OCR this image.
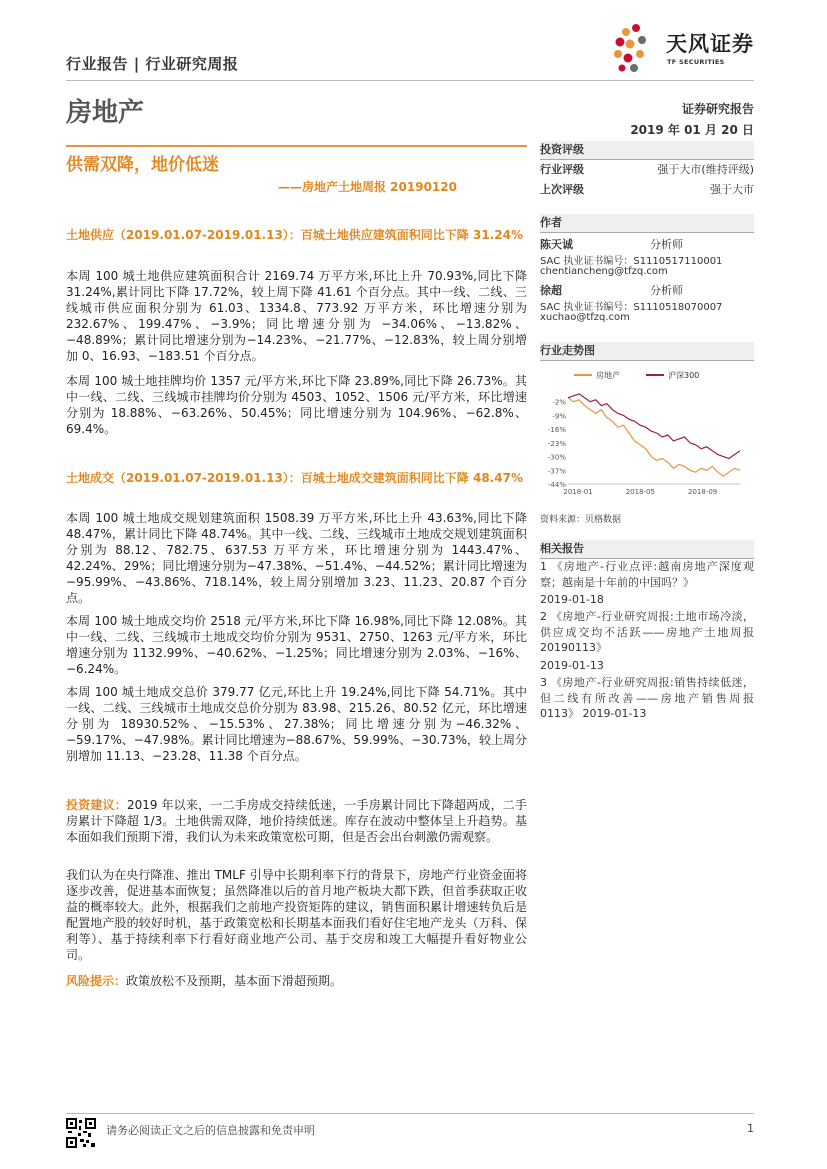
行业报告 | 行业研究周报
天风证券
TF SECURITIES
房地产	证券研究报告
2019 年 01 月 20 日
供需双降，地价低迷
——房地产土地周报 20190120
土地供应（2019.01.07-2019.01.13）：百城土地供应建筑面积同比下降 31.24%
本周 100 城土地供应建筑面积合计 2169.74 万平方米,环比上升 70.93%,同比下降 31.24%,累计同比下降 17.72%，较上周下降 41.61 个百分点。其中一线、二线、三线城市供应面积分别为 61.03、1334.8、773.92 万平方米，环比增速分别为 232.67%、199.47%、−3.9%；同比增速分别为 −34.06%、−13.82%、−48.89%；累计同比增速分别为−14.23%、−21.77%、−12.83%，较上周分别增加 0、16.93、−183.51 个百分点。
本周 100 城土地挂牌均价 1357 元/平方米,环比下降 23.89%,同比下降 26.73%。其中一线、二线、三线城市挂牌均价分别为 4503、1052、1506 元/平方米，环比增速分别为 18.88%、−63.26%、50.45%；同比增速分别为 104.96%、−62.8%、69.4%。
土地成交（2019.01.07-2019.01.13）：百城土地成交建筑面积同比下降 48.47%
本周 100 城土地成交规划建筑面积 1508.39 万平方米,环比上升 43.63%,同比下降 48.47%，累计同比下降 48.74%。其中一线、二线、三线城市土地成交规划建筑面积分别为 88.12、782.75、637.53 万平方米，环比增速分别为 1443.47%、42.24%、29%；同比增速分别为−47.38%、−51.4%、−44.52%；累计同比增速为−95.99%、−43.86%、718.14%，较上周分别增加 3.23、11.23、20.87 个百分点。
本周 100 城土地成交均价 2518 元/平方米,环比下降 16.98%,同比下降 12.08%。其中一线、二线、三线城市土地成交均价分别为 9531、2750、1263 元/平方米，环比增速分别为 1132.99%、−40.62%、−1.25%；同比增速分别为 2.03%、−16%、−6.24%。
本周 100 城土地成交总价 379.77 亿元,环比上升 19.24%,同比下降 54.71%。其中一线、二线、三线城市土地成交总价分别为 83.98、215.26、80.52 亿元，环比增速分别为 18930.52%、−15.53%、27.38%；同比增速分别为−46.32%、−59.17%、−47.98%。累计同比增速为−88.67%、59.99%、−30.73%，较上周分别增加 11.13、−23.28、11.38 个百分点。
投资建议：2019 年以来，一二手房成交持续低迷，一手房累计同比下降超两成，二手房累计下降超 1/3。土地供需双降，地价持续低迷。库存在波动中整体呈上升趋势。基本面如我们预期下滑，我们认为未来政策宽松可期，但是否会出台刺激仍需观察。
我们认为在央行降准、推出 TMLF 引导中长期利率下行的背景下，房地产行业资金面将逐步改善，促进基本面恢复；虽然降准以后的首月地产板块大都下跌，但首季获取正收益的概率较大。此外，根据我们之前地产投资矩阵的建议，销售面积累计增速转负后是配置地产股的较好时机，基于政策宽松和长期基本面我们看好住宅地产龙头（万科、保利等）、基于持续利率下行看好商业地产公司、基于交房和竣工大幅提升看好物业公司。
风险提示：政策放松不及预期，基本面下滑超预期。
投资评级
行业评级	强于大市(维持评级)
上次评级	强于大市
作者
陈天诚	分析师
SAC 执业证书编号：S1110517110001
chentiancheng@tfzq.com
徐超	分析师
SAC 执业证书编号：S1110518070007
xuchao@tfzq.com
行业走势图
房地产	沪深300
-2%
-9%
-16%
-23%
-30%
-37%
-44%
2018-01	2018-05	2018-09
资料来源：贝格数据
相关报告
1 《房地产-行业点评:越南房地产深度观察；越南是十年前的中国吗？》
2019-01-18
2 《房地产-行业研究周报:土地市场冷淡，供应成交均不活跃——房地产土地周报 20190113》
2019-01-13
3 《房地产-行业研究周报:销售持续低迷，但二线有所改善——房地产销售周报 0113》 2019-01-13
请务必阅读正文之后的信息披露和免责申明	1
